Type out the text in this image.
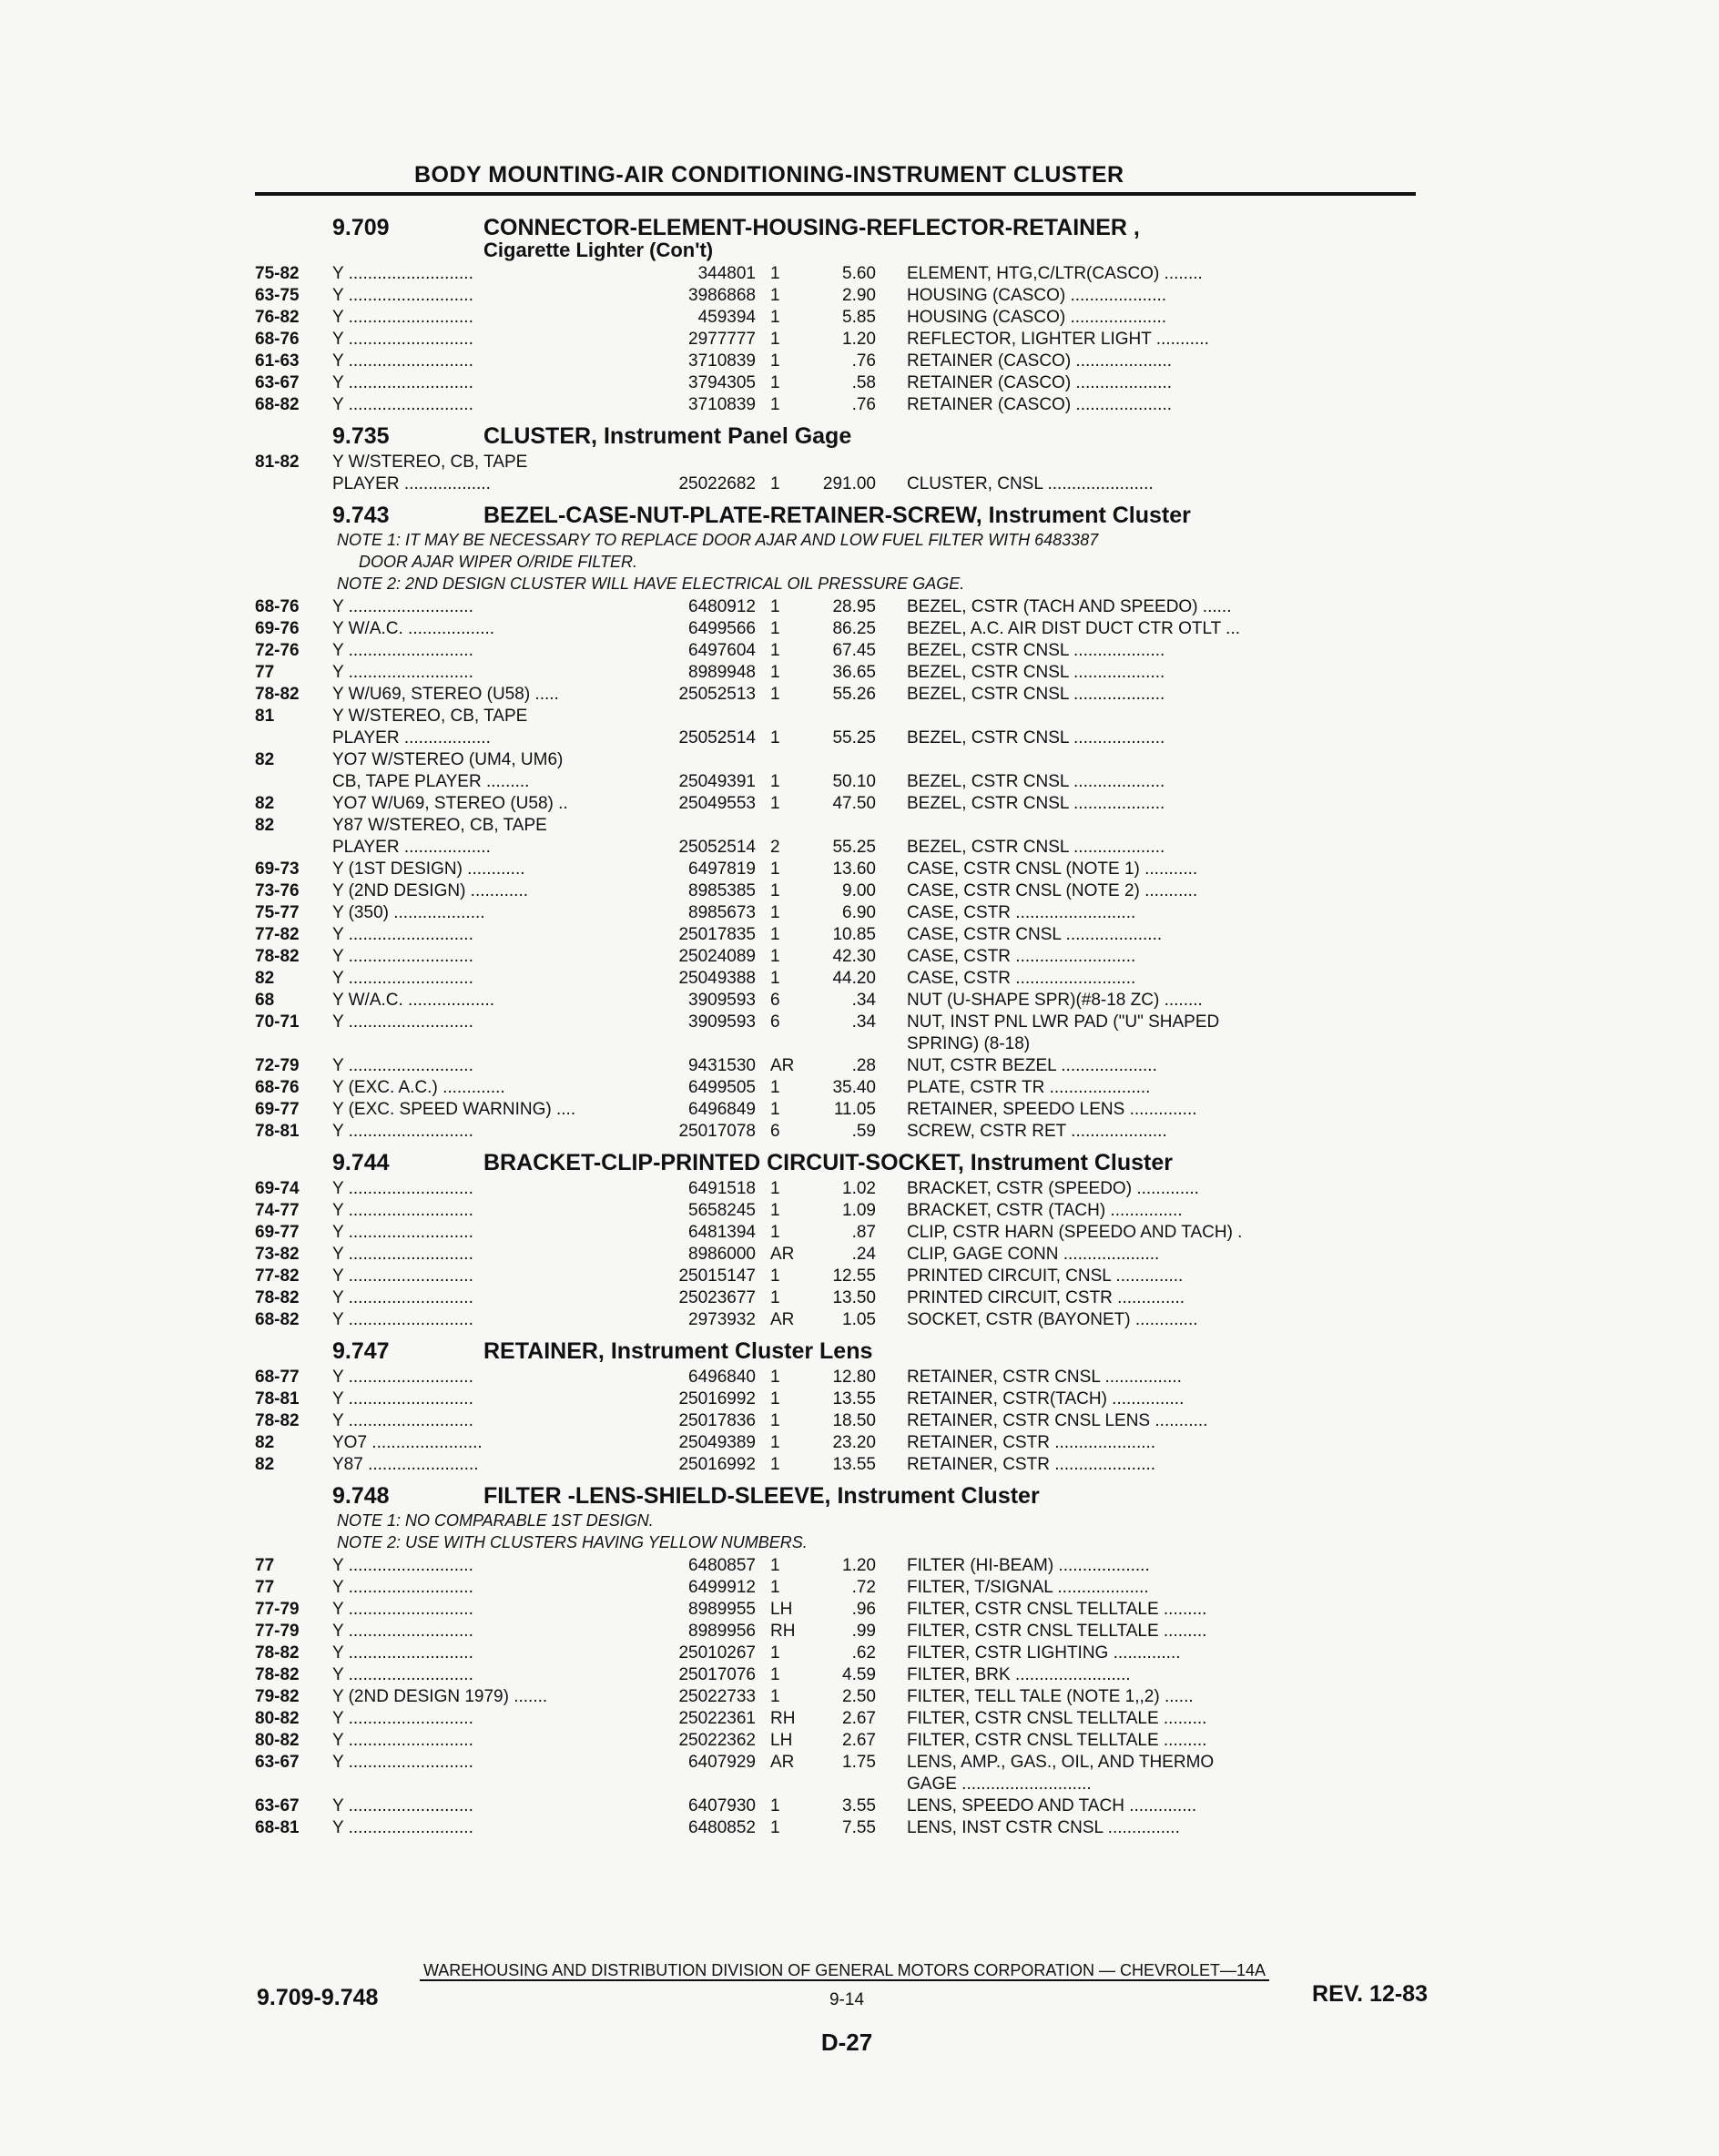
BODY MOUNTING-AIR CONDITIONING-INSTRUMENT CLUSTER
9.709	CONNECTOR-ELEMENT-HOUSING-REFLECTOR-RETAINER ,
Cigarette Lighter (Con't)
75-82	Y ..........................	344801 1	5.60	ELEMENT, HTG,C/LTR(CASCO) ........
63-75	Y ..........................	3986868 1	2.90	HOUSING (CASCO) ....................
76-82	Y ..........................	459394 1	5.85	HOUSING (CASCO) ....................
68-76	Y ..........................	2977777 1	1.20	REFLECTOR, LIGHTER LIGHT ...........
61-63	Y ..........................	3710839 1	.76	RETAINER (CASCO) ....................
63-67	Y ..........................	3794305 1	.58	RETAINER (CASCO) ....................
68-82	Y ..........................	3710839 1	.76	RETAINER (CASCO) ....................
9.735	CLUSTER, Instrument Panel Gage
81-82	Y W/STEREO, CB, TAPE
PLAYER ..................	25022682 1	291.00	CLUSTER, CNSL ......................
9.743	BEZEL-CASE-NUT-PLATE-RETAINER-SCREW, Instrument Cluster
NOTE 1: IT MAY BE NECESSARY TO REPLACE DOOR AJAR AND LOW FUEL FILTER WITH 6483387
DOOR AJAR WIPER O/RIDE FILTER.
NOTE 2: 2ND DESIGN CLUSTER WILL HAVE ELECTRICAL OIL PRESSURE GAGE.
68-76	Y ..........................	6480912 1	28.95	BEZEL, CSTR (TACH AND SPEEDO) ......
69-76	Y W/A.C. ..................	6499566 1	86.25	BEZEL, A.C. AIR DIST DUCT CTR OTLT ...
72-76	Y ..........................	6497604 1	67.45	BEZEL, CSTR CNSL ...................
77	Y ..........................	8989948 1	36.65	BEZEL, CSTR CNSL ...................
78-82	Y W/U69, STEREO (U58) .....	25052513 1	55.26	BEZEL, CSTR CNSL ...................
81	Y W/STEREO, CB, TAPE
PLAYER ..................	25052514 1	55.25	BEZEL, CSTR CNSL ...................
82	YO7 W/STEREO (UM4, UM6)
CB, TAPE PLAYER .........	25049391 1	50.10	BEZEL, CSTR CNSL ...................
82	YO7 W/U69, STEREO (U58) ..	25049553 1	47.50	BEZEL, CSTR CNSL ...................
82	Y87 W/STEREO, CB, TAPE
PLAYER ..................	25052514 2	55.25	BEZEL, CSTR CNSL ...................
69-73	Y (1ST DESIGN) ............	6497819 1	13.60	CASE, CSTR CNSL (NOTE 1) ...........
73-76	Y (2ND DESIGN) ............	8985385 1	9.00	CASE, CSTR CNSL (NOTE 2) ...........
75-77	Y (350) ...................	8985673 1	6.90	CASE, CSTR .........................
77-82	Y ..........................	25017835 1	10.85	CASE, CSTR CNSL ....................
78-82	Y ..........................	25024089 1	42.30	CASE, CSTR .........................
82	Y ..........................	25049388 1	44.20	CASE, CSTR .........................
68	Y W/A.C. ..................	3909593 6	.34	NUT (U-SHAPE SPR)(#8-18 ZC) ........
70-71	Y ..........................	3909593 6	.34	NUT, INST PNL LWR PAD ("U" SHAPED
SPRING) (8-18)
72-79	Y ..........................	9431530 AR	.28	NUT, CSTR BEZEL ....................
68-76	Y (EXC. A.C.) .............	6499505 1	35.40	PLATE, CSTR TR .....................
69-77	Y (EXC. SPEED WARNING) ....	6496849 1	11.05	RETAINER, SPEEDO LENS ..............
78-81	Y ..........................	25017078 6	.59	SCREW, CSTR RET ....................
9.744	BRACKET-CLIP-PRINTED CIRCUIT-SOCKET, Instrument Cluster
69-74	Y ..........................	6491518 1	1.02	BRACKET, CSTR (SPEEDO) .............
74-77	Y ..........................	5658245 1	1.09	BRACKET, CSTR (TACH) ...............
69-77	Y ..........................	6481394 1	.87	CLIP, CSTR HARN (SPEEDO AND TACH) .
73-82	Y ..........................	8986000 AR	.24	CLIP, GAGE CONN ....................
77-82	Y ..........................	25015147 1	12.55	PRINTED CIRCUIT, CNSL ..............
78-82	Y ..........................	25023677 1	13.50	PRINTED CIRCUIT, CSTR ..............
68-82	Y ..........................	2973932 AR	1.05	SOCKET, CSTR (BAYONET) .............
9.747	RETAINER, Instrument Cluster Lens
68-77	Y ..........................	6496840 1	12.80	RETAINER, CSTR CNSL ................
78-81	Y ..........................	25016992 1	13.55	RETAINER, CSTR(TACH) ...............
78-82	Y ..........................	25017836 1	18.50	RETAINER, CSTR CNSL LENS ...........
82	YO7 .......................	25049389 1	23.20	RETAINER, CSTR .....................
82	Y87 .......................	25016992 1	13.55	RETAINER, CSTR .....................
9.748	FILTER -LENS-SHIELD-SLEEVE, Instrument Cluster
NOTE 1: NO COMPARABLE 1ST DESIGN.
NOTE 2: USE WITH CLUSTERS HAVING YELLOW NUMBERS.
77	Y ..........................	6480857 1	1.20	FILTER (HI-BEAM) ...................
77	Y ..........................	6499912 1	.72	FILTER, T/SIGNAL ...................
77-79	Y ..........................	8989955 LH	.96	FILTER, CSTR CNSL TELLTALE .........
77-79	Y ..........................	8989956 RH	.99	FILTER, CSTR CNSL TELLTALE .........
78-82	Y ..........................	25010267 1	.62	FILTER, CSTR LIGHTING ..............
78-82	Y ..........................	25017076 1	4.59	FILTER, BRK ........................
79-82	Y (2ND DESIGN 1979) .......	25022733 1	2.50	FILTER, TELL TALE (NOTE 1,,2) ......
80-82	Y ..........................	25022361 RH	2.67	FILTER, CSTR CNSL TELLTALE .........
80-82	Y ..........................	25022362 LH	2.67	FILTER, CSTR CNSL TELLTALE .........
63-67	Y ..........................	6407929 AR	1.75	LENS, AMP., GAS., OIL, AND THERMO
GAGE ...........................
63-67	Y ..........................	6407930 1	3.55	LENS, SPEEDO AND TACH ..............
68-81	Y ..........................	6480852 1	7.55	LENS, INST CSTR CNSL ...............
WAREHOUSING AND DISTRIBUTION DIVISION OF GENERAL MOTORS CORPORATION — CHEVROLET—14A
9.709-9.748	9-14	REV. 12-83
D-27
